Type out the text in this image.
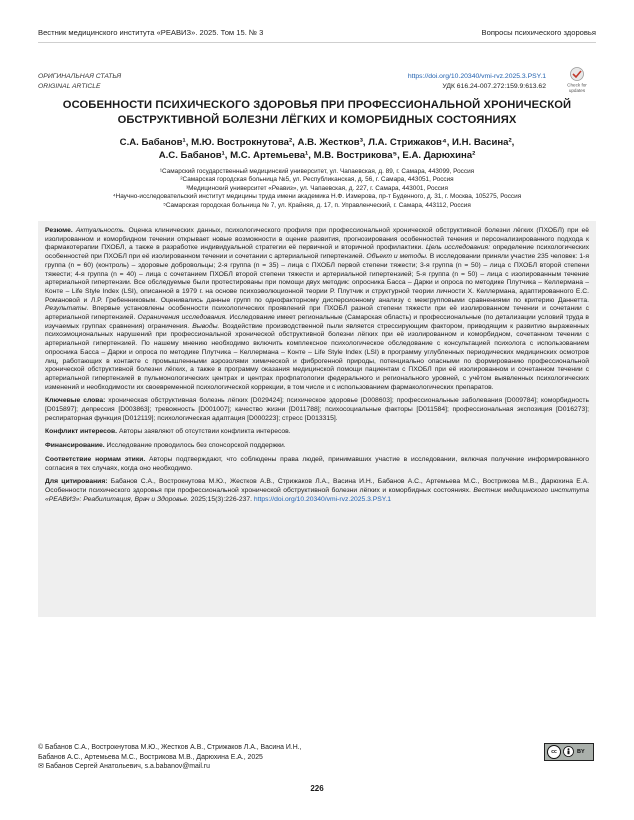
Вестник медицинского института «РЕАВИЗ». 2025. Том 15. № 3	Вопросы психического здоровья
ОРИГИНАЛЬНАЯ СТАТЬЯ
ORIGINAL ARTICLE
https://doi.org/10.20340/vmi-rvz.2025.3.PSY.1
УДК 616.24-007.272:159.9:613.62	Check for
updates
ОСОБЕННОСТИ ПСИХИЧЕСКОГО ЗДОРОВЬЯ ПРИ ПРОФЕССИОНАЛЬНОЙ ХРОНИЧЕСКОЙ ОБСТРУКТИВНОЙ БОЛЕЗНИ ЛЁГКИХ И КОМОРБИДНЫХ СОСТОЯНИЯХ
С.А. Бабанов¹, М.Ю. Вострокнутова², А.В. Жестков³, Л.А. Стрижаков⁴, И.Н. Васина²,
А.С. Бабанов¹, М.С. Артемьева¹, М.В. Вострикова⁵, Е.А. Дарюхина²
¹Самарский государственный медицинский университет, ул. Чапаевская, д. 89, г. Самара, 443099, Россия
²Самарская городская больница №5, ул. Республиканская, д. 56, г. Самара, 443051, Россия
³Медицинский университет «Реавиз», ул. Чапаевская, д. 227, г. Самара, 443001, Россия
⁴Научно-исследовательский институт медицины труда имени академика Н.Ф. Измерова, пр-т Буденного, д. 31, г. Москва, 105275, Россия
⁵Самарская городская больница № 7, ул. Крайняя, д. 17, п. Управленческий, г. Самара, 443112, Россия

Резюме. Актуальность. Оценка клинических данных, психологического профиля при профессиональной хронической обструктивной болезни лёгких (ПХОБЛ) при её изолированном и коморбидном течении открывает новые возможности в оценке развития, прогнозирования особенностей течения и персонализированного подхода к фармакотерапии ПХОБЛ, а также в разработке индивидуальной стратегии её первичной и вторичной профилактики. Цель исследования: определение психологических особенностей при ПХОБЛ при её изолированном течении и сочетании с артериальной гипертензией. Объект и методы. В исследовании приняли участие 235 человек: 1-я группа (n = 60) (контроль) – здоровые добровольцы; 2-я группа (n = 35) – лица с ПХОБЛ первой степени тяжести; 3-я группа (n = 50) – лица с ПХОБЛ второй степени тяжести; 4-я группа (n = 40) – лица с сочетанием ПХОБЛ второй степени тяжести и артериальной гипертензией; 5-я группа (n = 50) – лица с изолированным течение артериальной гипертензии. Все обследуемые были протестированы при помощи двух методик: опросника Басса – Дарки и опроса по методике Плутчика – Келлермана – Конте – Life Style Index (LSI), описанной в 1979 г. на основе психоэволюционной теории Р. Плутчик и структурной теории личности Х. Келлермана, адаптированного Е.С. Романовой и Л.Р. Гребенниковым. Оценивались данные групп по однофакторному дисперсионному анализу с межгрупповыми сравнениями по критерию Даннетта. Результаты. Впервые установлены особенности психологических проявлений при ПХОБЛ разной степени тяжести при её изолированном течении и сочетании с артериальной гипертензией. Ограничения исследования. Исследование имеет региональные (Самарская область) и профессиональные (по детализации условий труда в изучаемых группах сравнения) ограничения. Выводы. Воздействие производственной пыли является стрессирующим фактором, приводящим к развитию выраженных психоэмоциональных нарушений при профессиональной хронической обструктивной болезни лёгких при её изолированном и коморбидном, сочетанном течении с артериальной гипертензией. По нашему мнению необходимо включить комплексное психологическое обследование с консультацией психолога с использованием опросника Басса – Дарки и опроса по методике Плутчика – Келлермана – Конте – Life Style Index (LSI) в программу углубленных периодических медицинских осмотров лиц, работающих в контакте с промышленными аэрозолями химической и фиброгенной природы, потенциально опасными по формированию профессиональной хронической обструктивной болезни лёгких, а также в программу оказания медицинской помощи пациентам с ПХОБЛ при её изолированном и сочетанном течении с артериальной гипертензией в пульмонологических центрах и центрах профпатологии федерального и регионального уровней, с учётом выявленных психологических изменений и необходимости их своевременной психологической коррекции, в том числе и с использованием фармакологических препаратов.

Ключевые слова: хроническая обструктивная болезнь лёгких [D029424]; психическое здоровье [D008603]; профессиональные заболевания [D009784]; коморбидность [D015897]; депрессия [D003863]; тревожность [D001007]; качество жизни [D011788]; психосоциальные факторы [D011584]; профессиональная экспозиция [D016273]; респираторная функция [D012119]; психологическая адаптация [D000223]; стресс [D013315].

Конфликт интересов. Авторы заявляют об отсутствии конфликта интересов.

Финансирование. Исследование проводилось без спонсорской поддержки.

Соответствие нормам этики. Авторы подтверждают, что соблюдены права людей, принимавших участие в исследовании, включая получение информированного согласия в тех случаях, когда оно необходимо.

Для цитирования: Бабанов С.А., Вострокнутова М.Ю., Жестков А.В., Стрижаков Л.А., Васина И.Н., Бабанов А.С., Артемьева М.С., Вострикова М.В., Дарюхина Е.А. Особенности психического здоровья при профессиональной хронической обструктивной болезни лёгких и коморбидных состояниях. Вестник медицинского института «РЕАВИЗ»: Реабилитация, Врач и Здоровье. 2025;15(3):226-237. https://doi.org/10.20340/vmi-rvz.2025.3.PSY.1

© Бабанов С.А., Вострокнутова М.Ю., Жестков А.В., Стрижаков Л.А., Васина И.Н.,
Бабанов А.С., Артемьева М.С., Вострикова М.В., Дарюхина Е.А., 2025
✉ Бабанов Сергей Анатольевич, s.a.babanov@mail.ru
cc	BY
226
